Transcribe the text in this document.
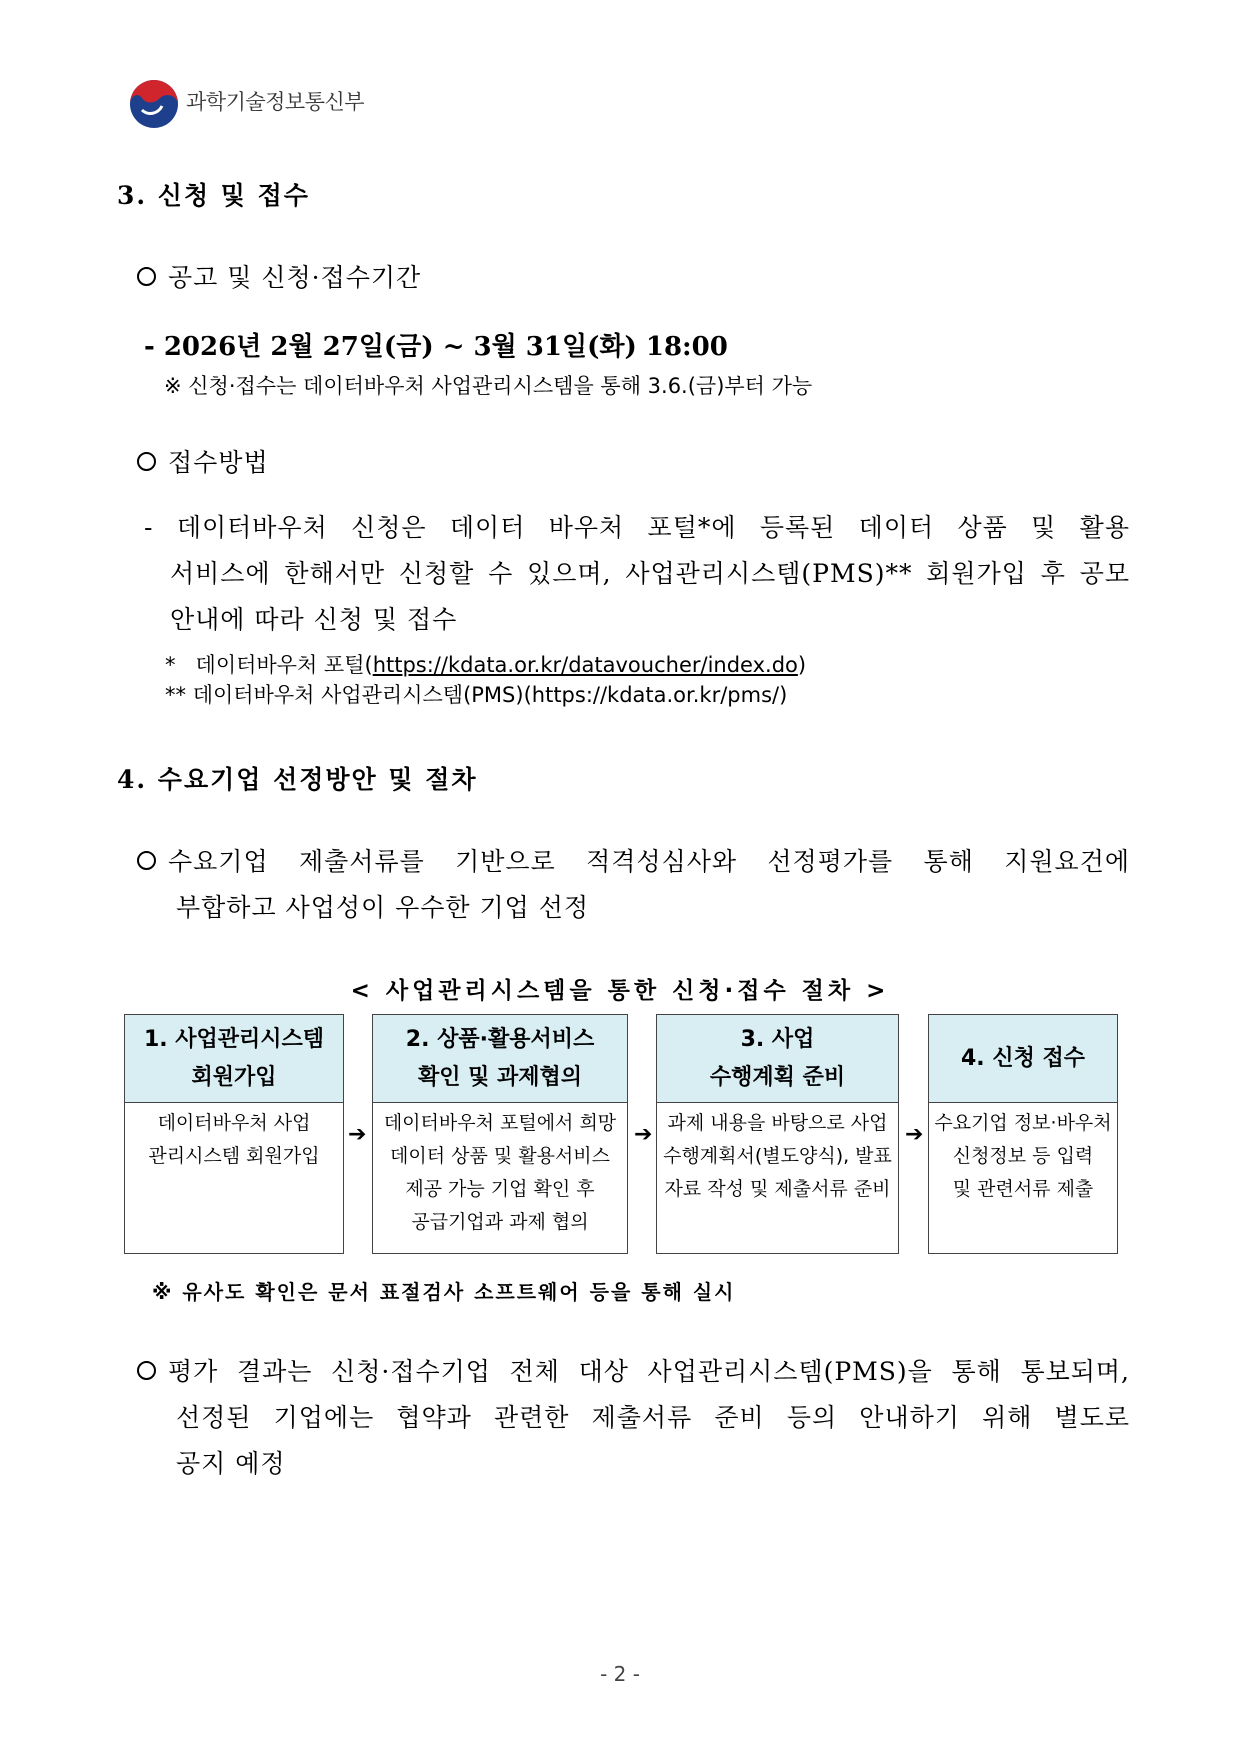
과학기술정보통신부
3. 신청 및 접수
공고 및 신청·접수기간
- 2026년 2월 27일(금) ~ 3월 31일(화) 18:00
※ 신청·접수는 데이터바우처 사업관리시스템을 통해 3.6.(금)부터 가능
접수방법
- 데이터바우처 신청은 데이터 바우처 포털*에 등록된 데이터 상품 및 활용
서비스에 한해서만 신청할 수 있으며, 사업관리시스템(PMS)** 회원가입 후 공모
안내에 따라 신청 및 접수
* 데이터바우처 포털(https://kdata.or.kr/datavoucher/index.do)
** 데이터바우처 사업관리시스템(PMS)(https://kdata.or.kr/pms/)
4. 수요기업 선정방안 및 절차
수요기업 제출서류를 기반으로 적격성심사와 선정평가를 통해 지원요건에
부합하고 사업성이 우수한 기업 선정
< 사업관리시스템을 통한 신청·접수 절차 >
1. 사업관리시스템
회원가입
데이터바우처 사업
관리시스템 회원가입
➔
2. 상품·활용서비스
확인 및 과제협의
데이터바우처 포털에서 희망
데이터 상품 및 활용서비스
제공 가능 기업 확인 후
공급기업과 과제 협의
➔
3. 사업
수행계획 준비
과제 내용을 바탕으로 사업
수행계획서(별도양식), 발표
자료 작성 및 제출서류 준비
➔
4. 신청 접수
수요기업 정보·바우처
신청정보 등 입력
및 관련서류 제출
※ 유사도 확인은 문서 표절검사 소프트웨어 등을 통해 실시
평가 결과는 신청·접수기업 전체 대상 사업관리시스템(PMS)을 통해 통보되며,
선정된 기업에는 협약과 관련한 제출서류 준비 등의 안내하기 위해 별도로
공지 예정
- 2 -
